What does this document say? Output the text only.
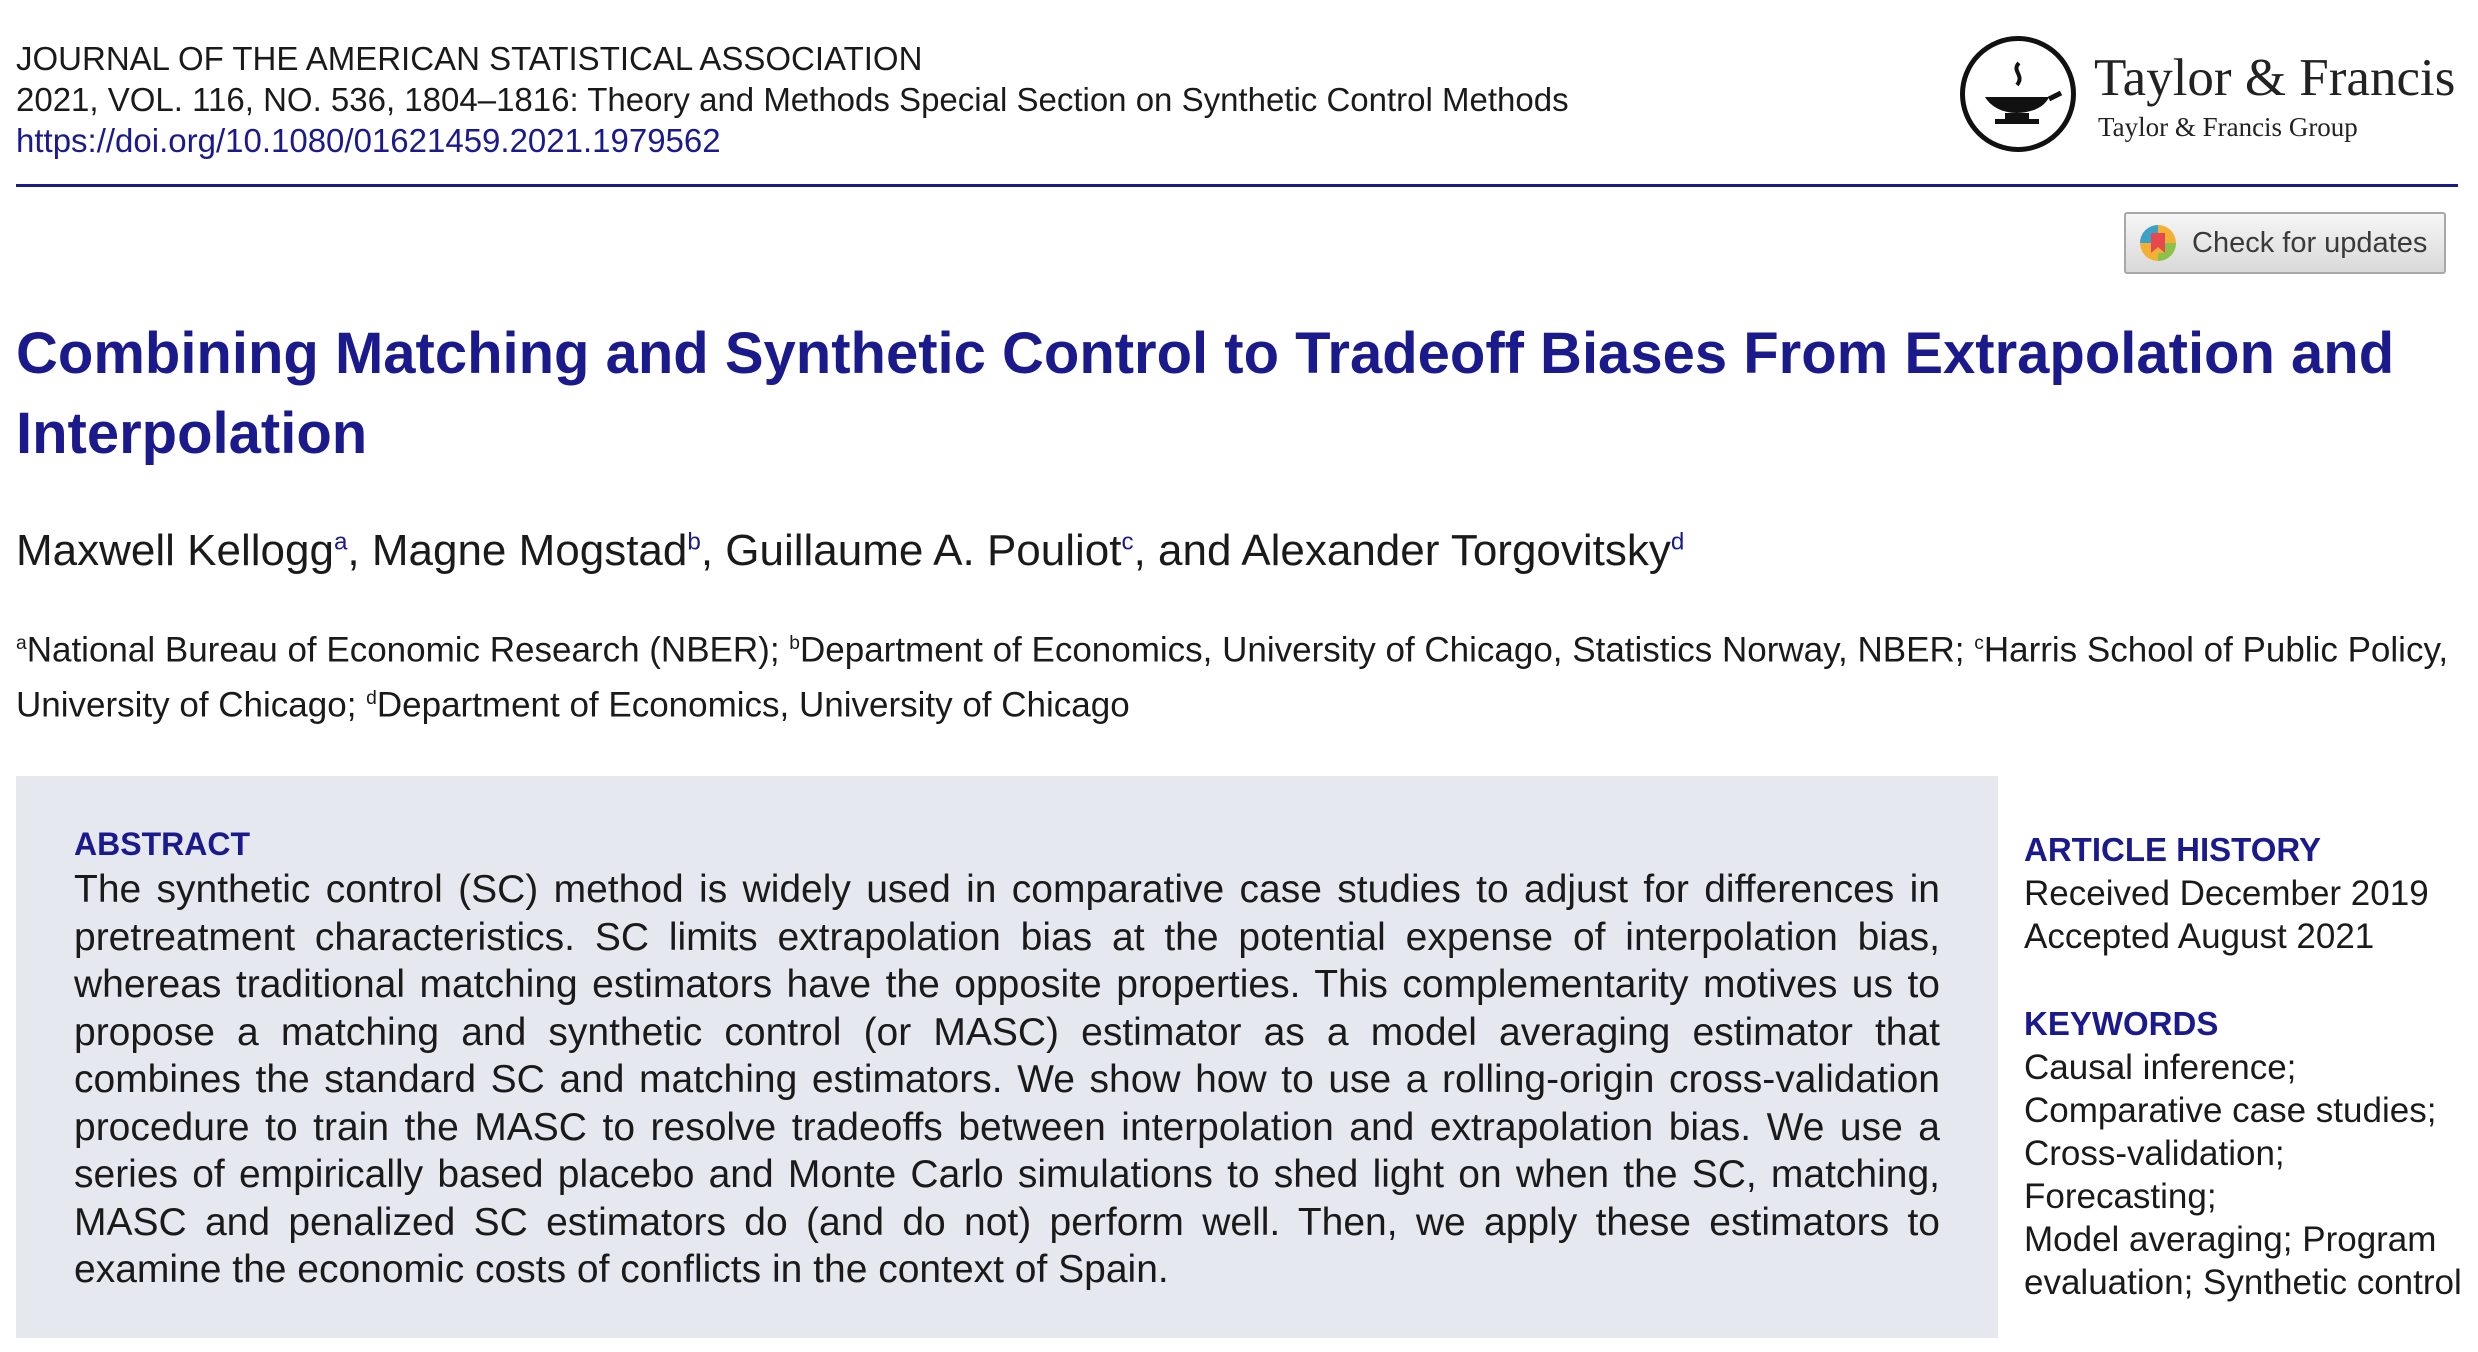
JOURNAL OF THE AMERICAN STATISTICAL ASSOCIATION
2021, VOL. 116, NO. 536, 1804–1816: Theory and Methods Special Section on Synthetic Control Methods
https://doi.org/10.1080/01621459.2021.1979562
Taylor & Francis
Taylor & Francis Group
Check for updates
Combining Matching and Synthetic Control to Tradeoff Biases From Extrapolation and Interpolation
Maxwell Kellogg$^a$, Magne Mogstad$^b$, Guillaume A. Pouliot$^c$, and Alexander Torgovitsky$^d$
$^a$National Bureau of Economic Research (NBER); $^b$Department of Economics, University of Chicago, Statistics Norway, NBER; $^c$Harris School of Public Policy, University of Chicago; $^d$Department of Economics, University of Chicago
ABSTRACT

The synthetic control (SC) method is widely used in comparative case studies to adjust for differences in pretreatment characteristics. SC limits extrapolation bias at the potential expense of interpolation bias, whereas traditional matching estimators have the opposite properties. This complementarity motives us to propose a matching and synthetic control (or MASC) estimator as a model averaging estimator that combines the standard SC and matching estimators. We show how to use a rolling-origin cross-validation procedure to train the MASC to resolve tradeoffs between interpolation and extrapolation bias. We use a series of empirically based placebo and Monte Carlo simulations to shed light on when the SC, matching, MASC and penalized SC estimators do (and do not) perform well. Then, we apply these estimators to examine the economic costs of conflicts in the context of Spain.

ARTICLE HISTORY
Received December 2019
Accepted August 2021
KEYWORDS
Causal inference;
Comparative case studies;
Cross-validation; Forecasting;
Model averaging; Program
evaluation; Synthetic control
